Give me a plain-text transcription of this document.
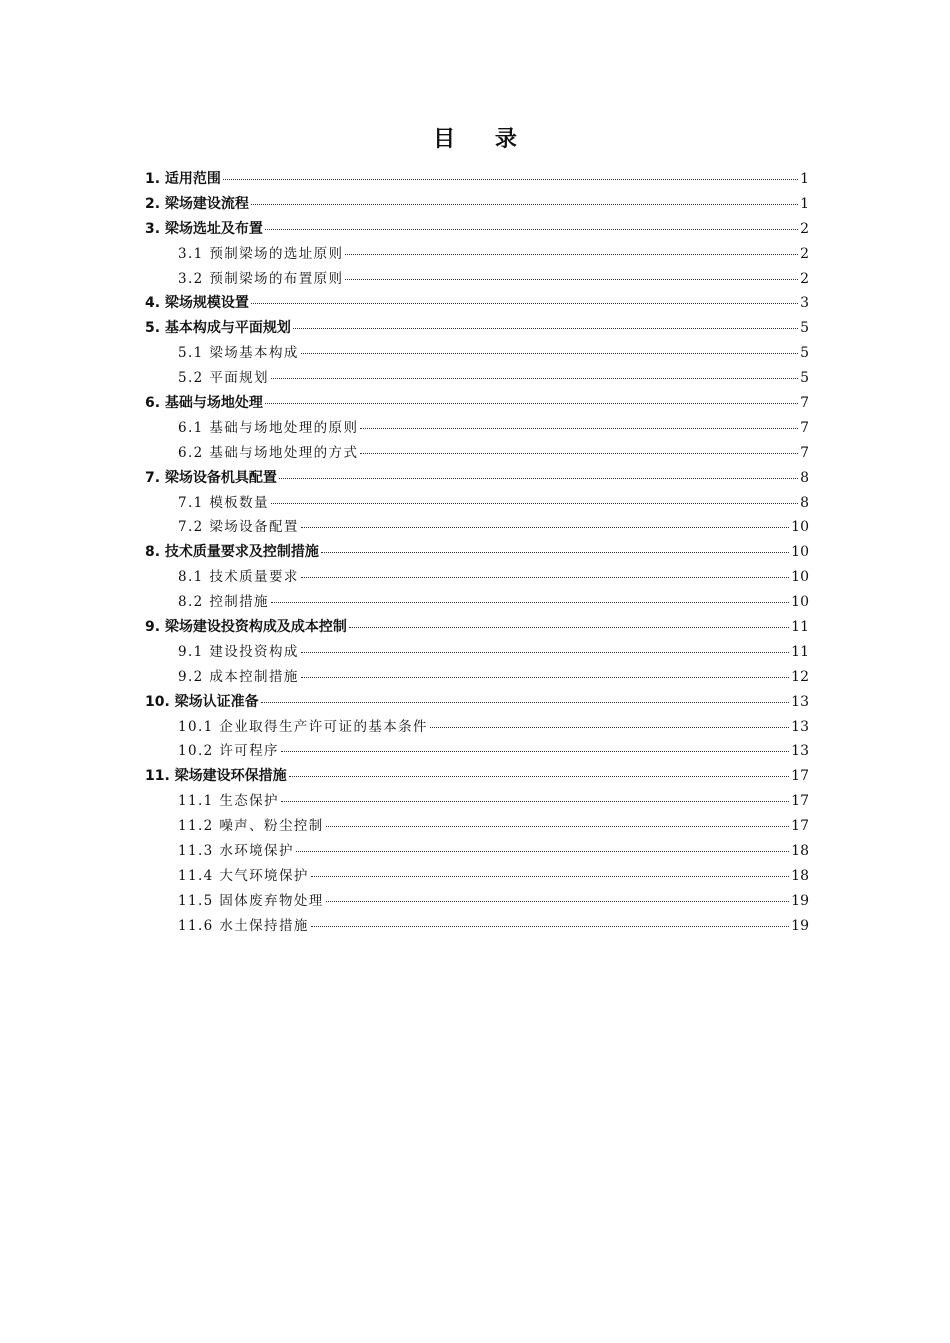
目 录
1. 适用范围	1
2. 梁场建设流程	1
3. 梁场选址及布置	2
3.1 预制梁场的选址原则	2
3.2 预制梁场的布置原则	2
4. 梁场规模设置	3
5. 基本构成与平面规划	5
5.1 梁场基本构成	5
5.2 平面规划	5
6. 基础与场地处理	7
6.1 基础与场地处理的原则	7
6.2 基础与场地处理的方式	7
7. 梁场设备机具配置	8
7.1 模板数量	8
7.2 梁场设备配置	10
8. 技术质量要求及控制措施	10
8.1 技术质量要求	10
8.2 控制措施	10
9. 梁场建设投资构成及成本控制	11
9.1 建设投资构成	11
9.2 成本控制措施	12
10. 梁场认证准备	13
10.1 企业取得生产许可证的基本条件	13
10.2 许可程序	13
11. 梁场建设环保措施	17
11.1 生态保护	17
11.2 噪声、粉尘控制	17
11.3 水环境保护	18
11.4 大气环境保护	18
11.5 固体废弃物处理	19
11.6 水土保持措施	19
